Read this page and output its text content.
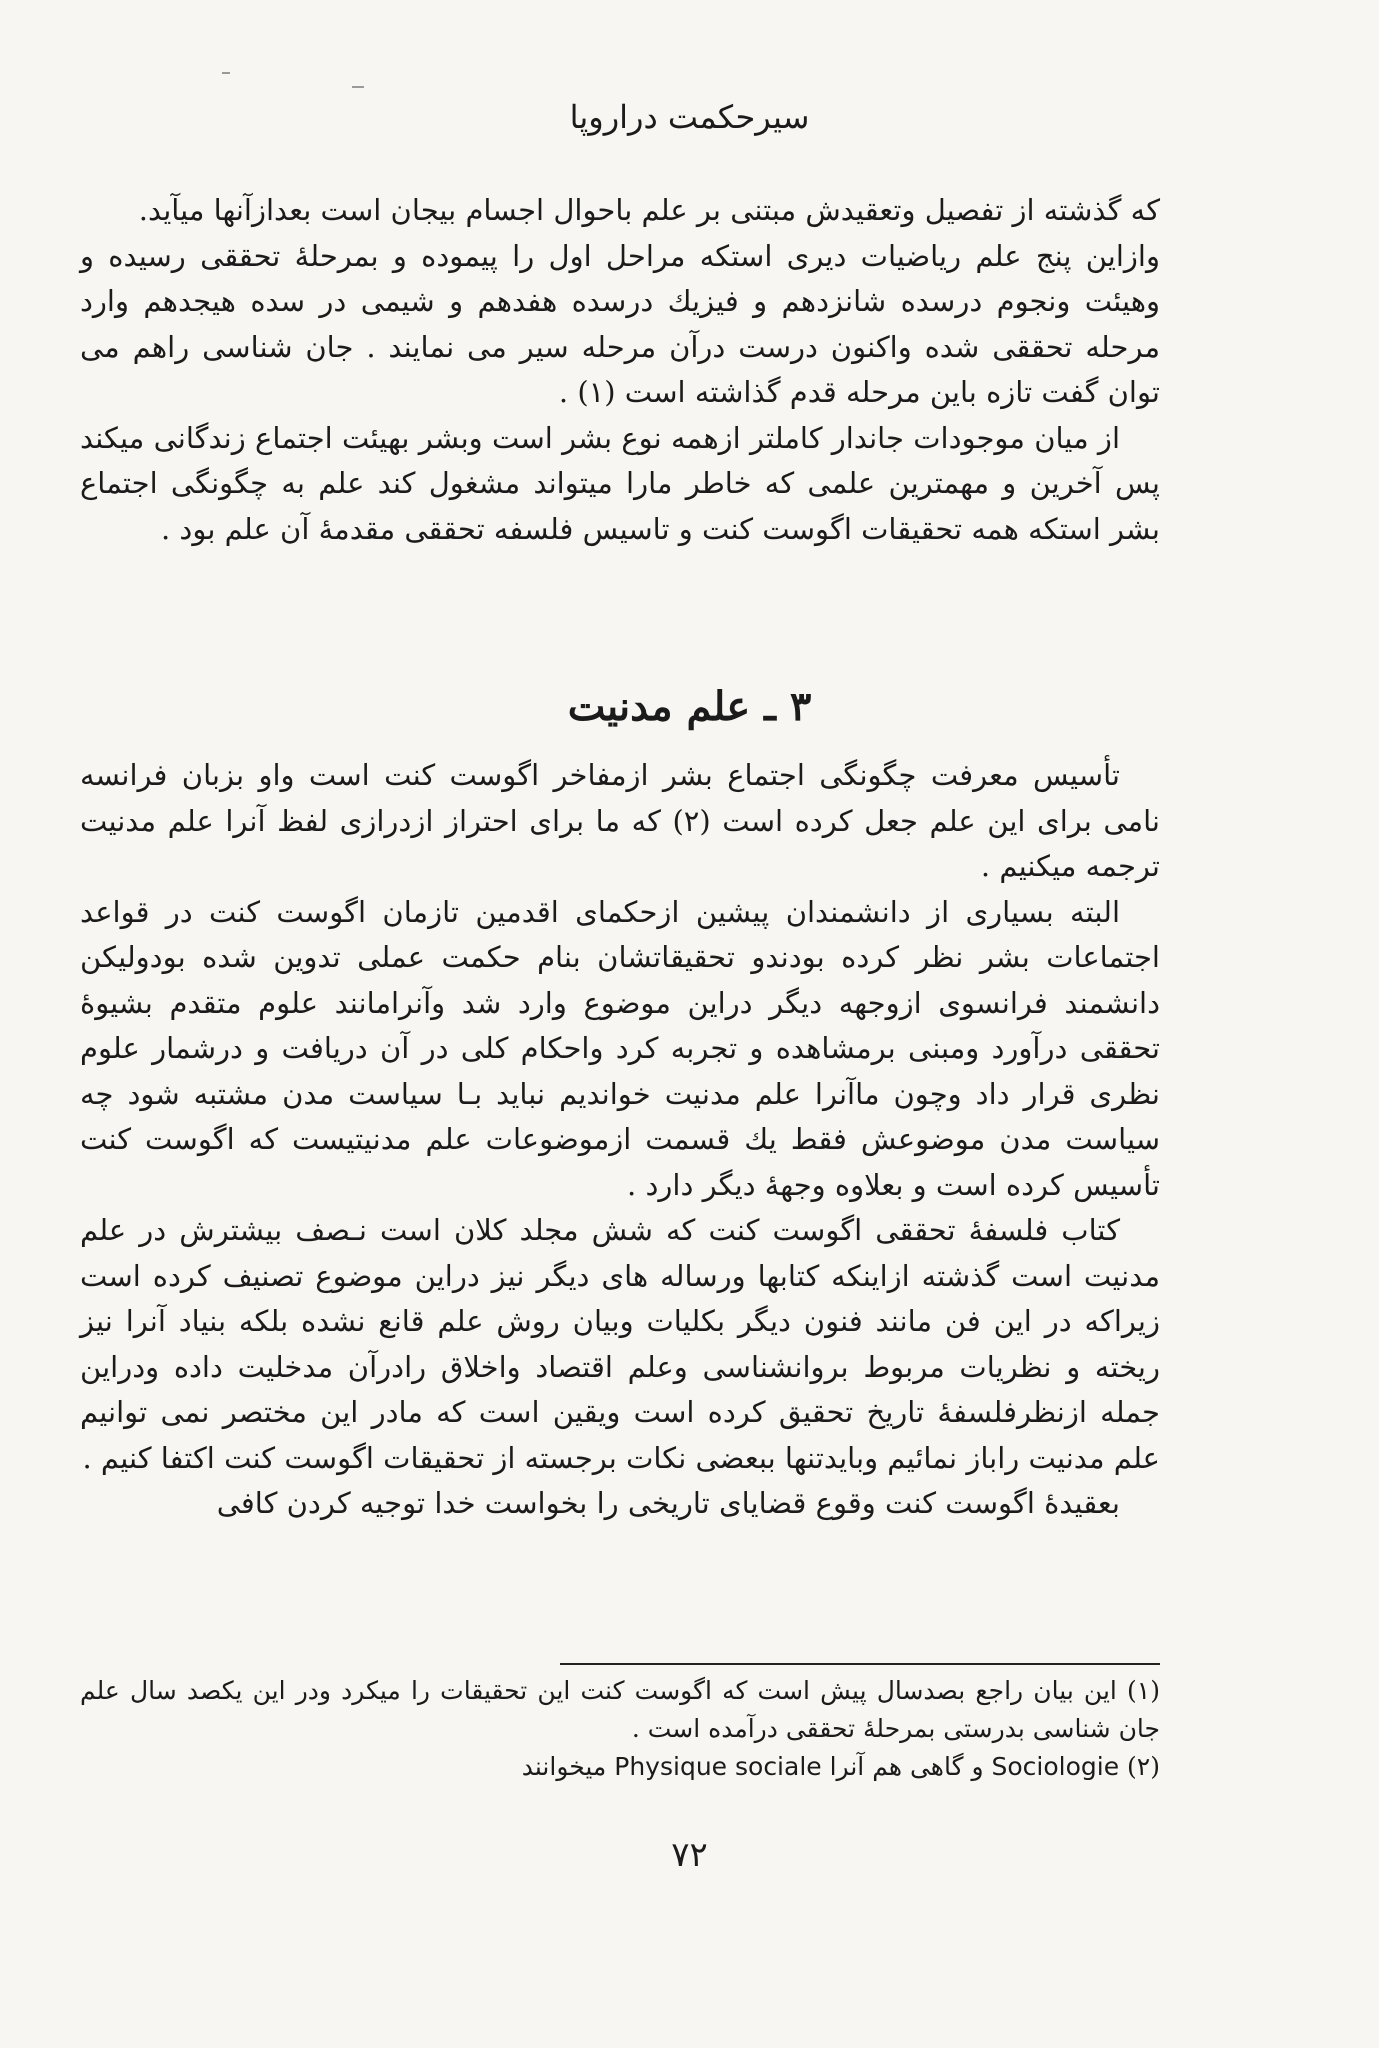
سیرحکمت دراروپا

که گذشته از تفصیل وتعقیدش مبتنی بر علم باحوال اجسام بیجان است بعدازآنها میآید.

وازاین پنج علم ریاضیات دیری استکه مراحل اول را پیموده و بمرحلهٔ تحققی رسیده و وهیئت ونجوم درسده شانزدهم و فیزیك درسده هفدهم و شیمی در سده هیجدهم وارد مرحله تحققی شده واکنون درست درآن مرحله سیر می نمایند . جان شناسی راهم می توان گفت تازه باین مرحله قدم گذاشته است (۱) .

از میان موجودات جاندار کاملتر ازهمه نوع بشر است وبشر بهیئت اجتماع زندگانی میکند پس آخرین و مهمترین علمی که خاطر مارا میتواند مشغول کند علم به چگونگی اجتماع بشر استکه همه تحقیقات اگوست کنت و تاسیس فلسفه تحققی مقدمهٔ آن علم بود .

۳ ـ علم مدنیت

تأسیس معرفت چگونگی اجتماع بشر ازمفاخر اگوست کنت است واو بزبان فرانسه نامی برای این علم جعل کرده است (۲) که ما برای احتراز ازدرازی لفظ آنرا علم مدنیت ترجمه میکنیم .

البته بسیاری از دانشمندان پیشین ازحکمای اقدمین تازمان اگوست کنت در قواعد اجتماعات بشر نظر کرده بودندو تحقیقاتشان بنام حکمت عملی تدوین شده بودولیکن دانشمند فرانسوی ازوجهه دیگر دراین موضوع وارد شد وآنرامانند علوم متقدم بشیوهٔ تحققی درآورد ومبنی برمشاهده و تجربه کرد واحکام کلی در آن دریافت و درشمار علوم نظری قرار داد وچون ماآنرا علم مدنیت خواندیم نباید بـا سیاست مدن مشتبه شود چه سیاست مدن موضوعش فقط يك قسمت ازموضوعات علم مدنیتیست که اگوست کنت تأسیس کرده است و بعلاوه وجههٔ دیگر دارد .

کتاب فلسفهٔ تحققی اگوست کنت که شش مجلد کلان است نـصف بیشترش در علم مدنیت است گذشته ازاینکه کتابها ورساله های دیگر نیز دراین موضوع تصنیف کرده است زیراکه در این فن مانند فنون دیگر بکلیات وبیان روش علم قانع نشده بلکه بنیاد آنرا نیز ریخته و نظریات مربوط بروانشناسی وعلم اقتصاد واخلاق رادرآن مدخلیت داده ودراین جمله ازنظرفلسفهٔ تاریخ تحقیق کرده است ویقین است که مادر این مختصر نمی توانیم علم مدنیت راباز نمائیم وبایدتنها ببعضی نکات برجسته از تحقیقات اگوست کنت اکتفا کنیم .

بعقیدهٔ اگوست کنت وقوع قضایای تاریخی را بخواست خدا توجیه کردن کافی

(۱) این بیان راجع بصدسال پیش است که اگوست کنت این تحقیقات را میکرد ودر این یکصد سال علم جان شناسی بدرستی بمرحلهٔ تحققی درآمده است .

(۲) Sociologie و گاهی هم آنرا Physique sociale میخوانند

۷۲
